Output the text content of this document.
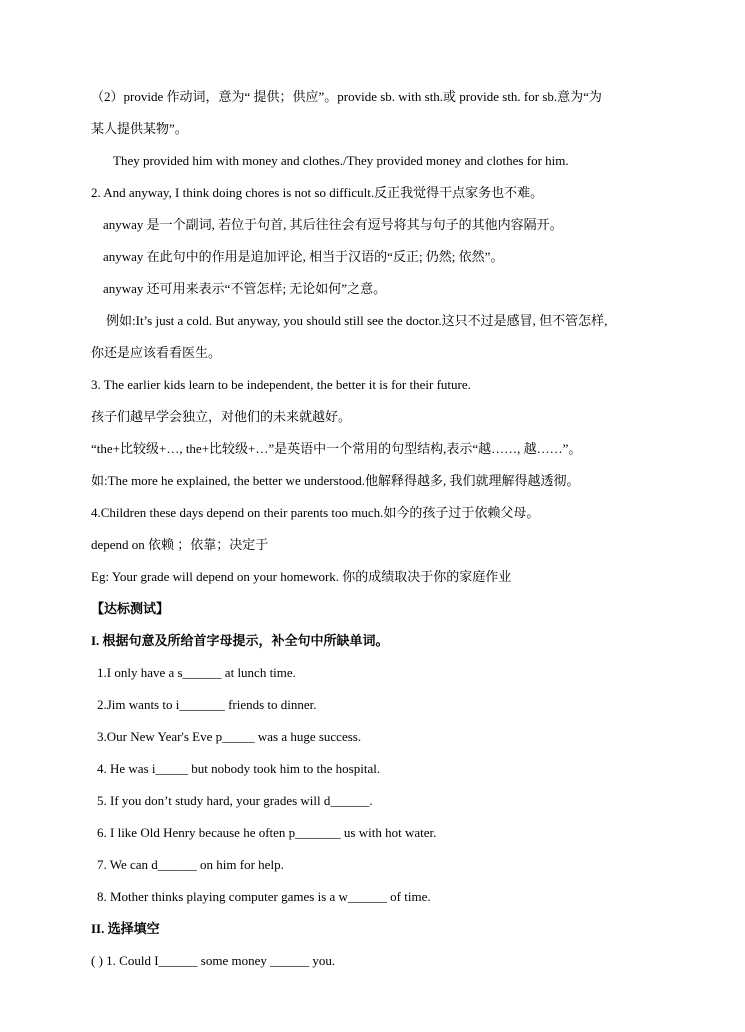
（2）provide 作动词，意为“ 提供；供应”。provide sb. with sth.或 provide sth. for sb.意为“为
某人提供某物”。
They provided him with money and clothes./They provided money and clothes for him.
2. And anyway, I think doing chores is not so difficult.反正我觉得干点家务也不难。
anyway 是一个副词, 若位于句首, 其后往往会有逗号将其与句子的其他内容隔开。
anyway 在此句中的作用是追加评论, 相当于汉语的“反正; 仍然; 依然”。
anyway 还可用来表示“不管怎样; 无论如何”之意。
例如:It’s just a cold. But anyway, you should still see the doctor.这只不过是感冒, 但不管怎样,
你还是应该看看医生。
3. The earlier kids learn to be independent, the better it is for their future.
孩子们越早学会独立，对他们的未来就越好。
“the+比较级+…, the+比较级+…”是英语中一个常用的句型结构,表示“越……, 越……”。
如:The more he explained, the better we understood.他解释得越多, 我们就理解得越透彻。
4.Children these days depend on their parents too much.如今的孩子过于依赖父母。
depend on 依赖 ；依靠；决定于
Eg: Your grade will depend on your homework. 你的成绩取决于你的家庭作业
【达标测试】
I. 根据句意及所给首字母提示，补全句中所缺单词。
1.I only have a s______ at lunch time.
2.Jim wants to i_______ friends to dinner.
3.Our New Year's Eve p_____ was a huge success.
4. He was i_____ but nobody took him to the hospital.
5. If you don’t study hard, your grades will d______.
6. I like Old Henry because he often p_______ us with hot water.
7. We can d______ on him for help.
8. Mother thinks playing computer games is a w______ of time.
II. 选择填空
( ) 1. Could I______ some money ______ you.
